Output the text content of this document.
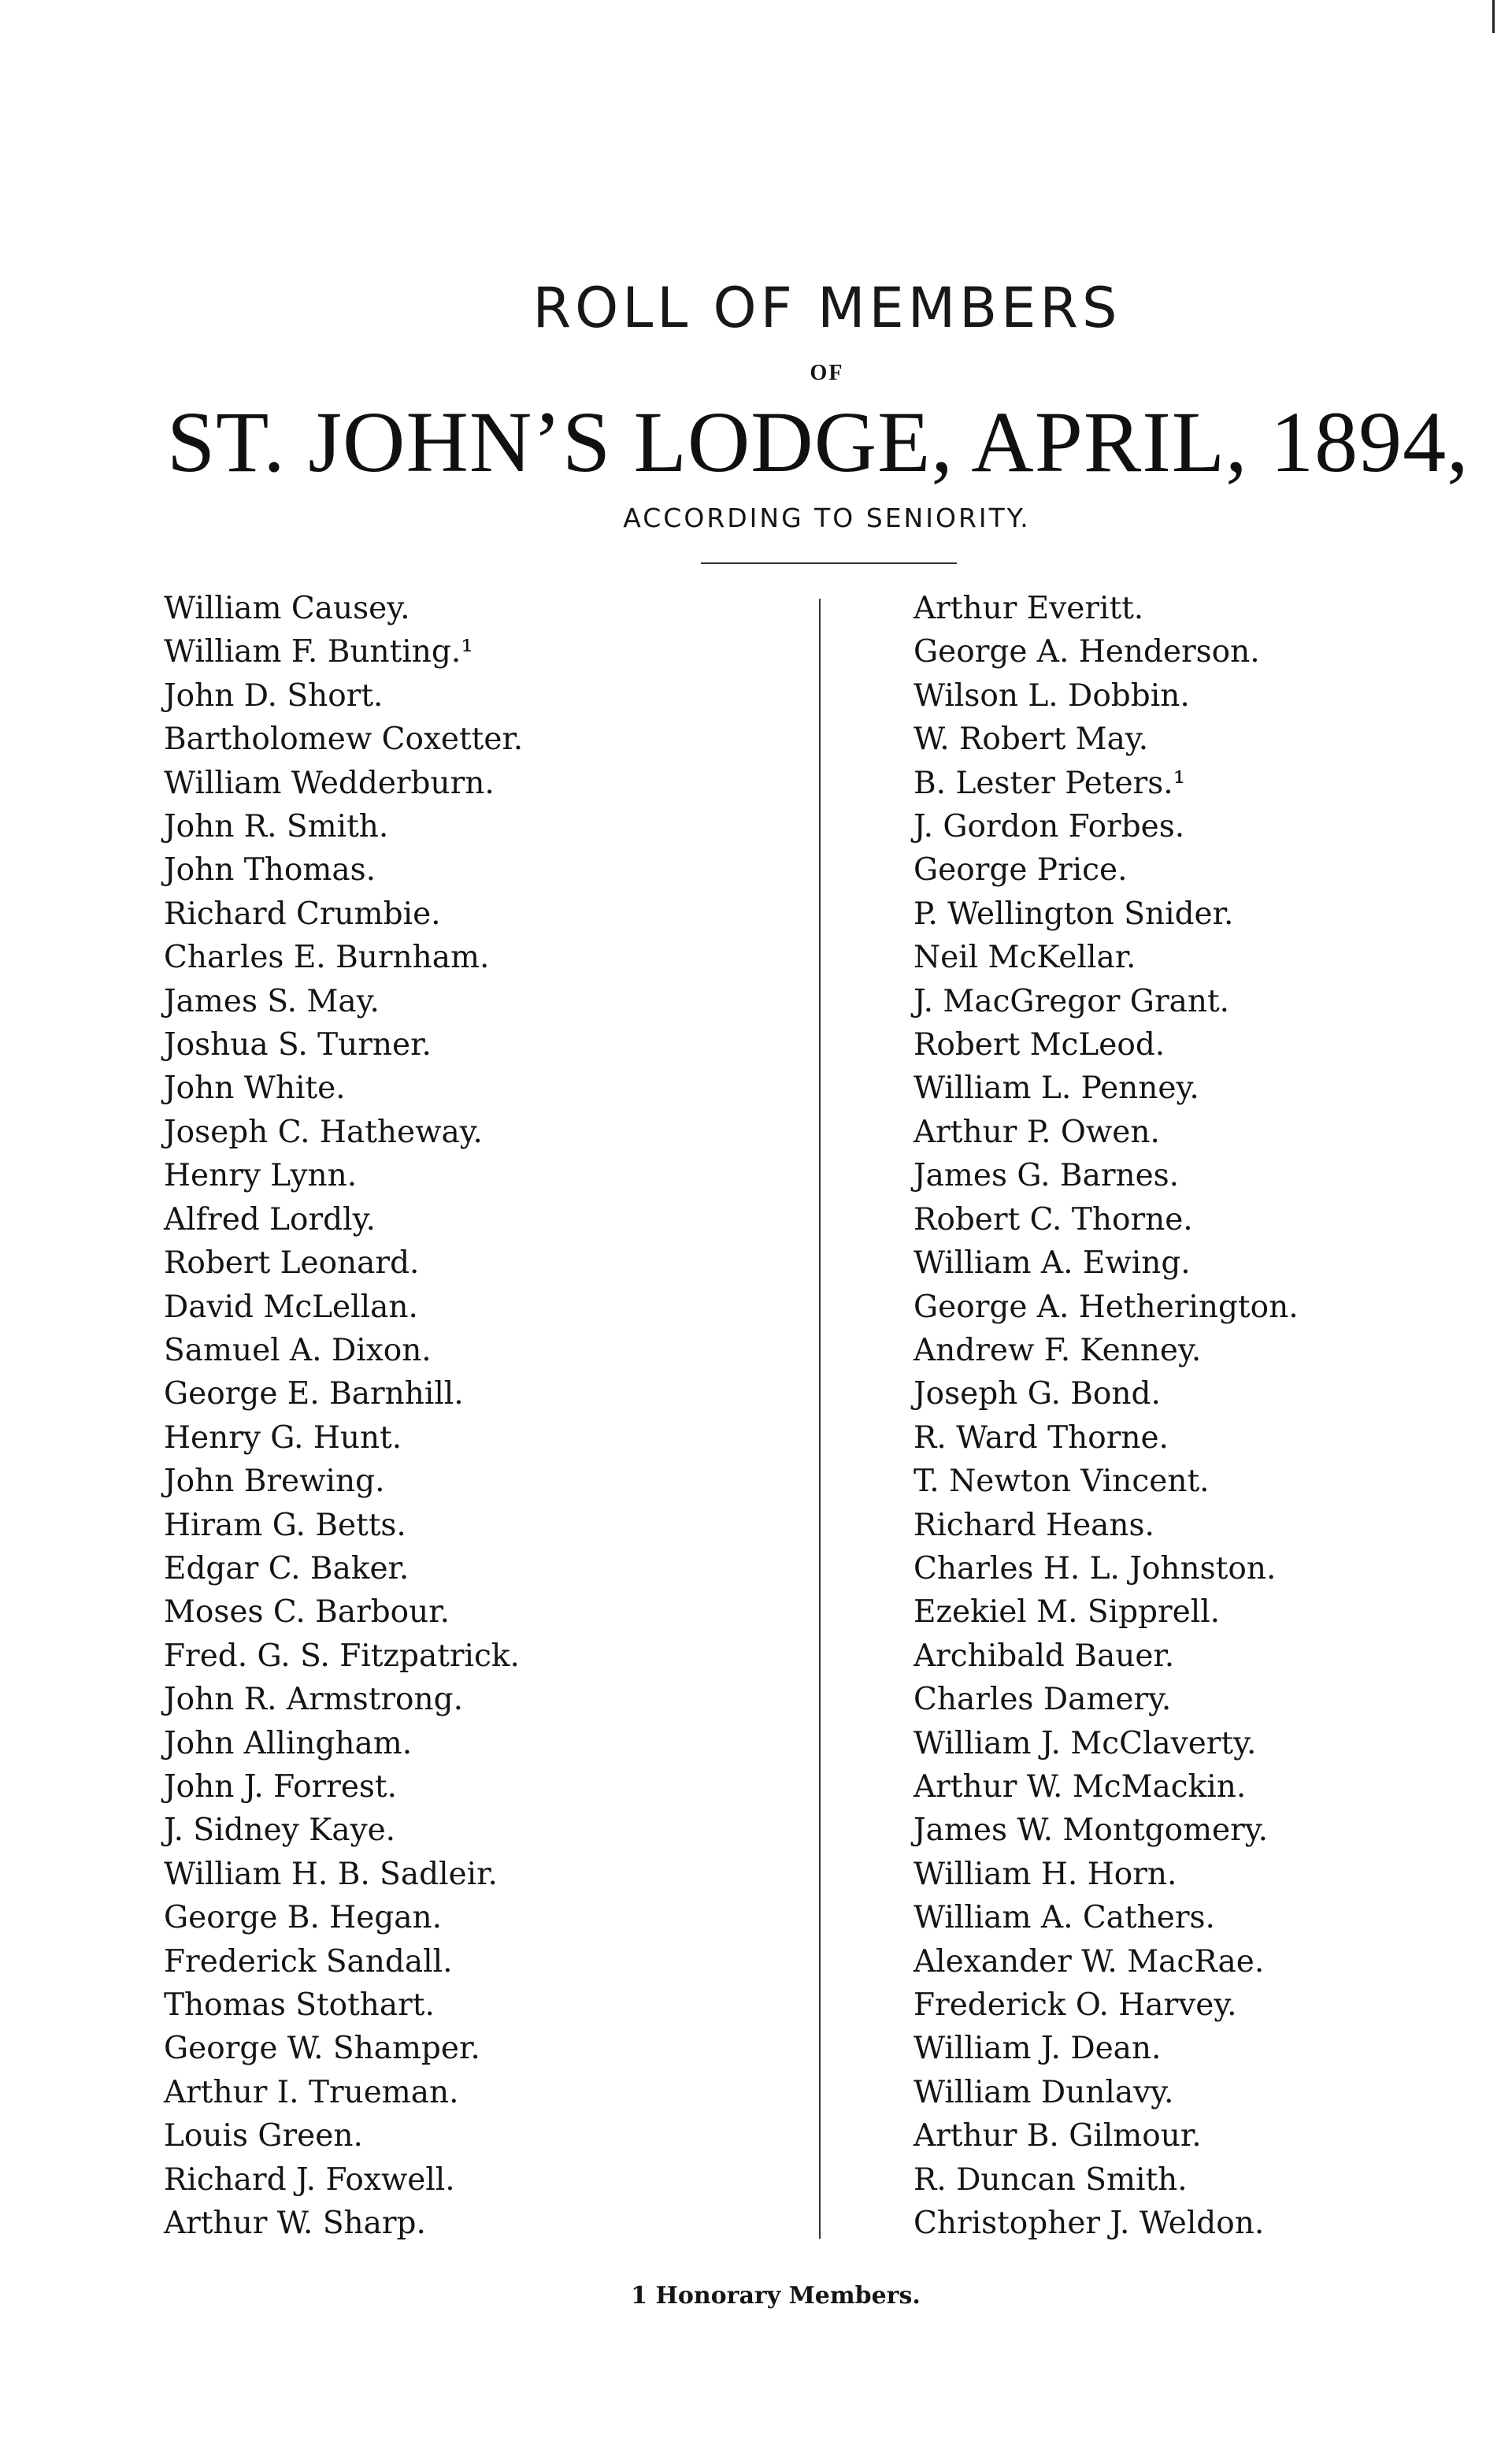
ROLL OF MEMBERS
OF
ST. JOHN’S LODGE, APRIL, 1894,
ACCORDING TO SENIORITY.
William Causey.
William F. Bunting.¹
John D. Short.
Bartholomew Coxetter.
William Wedderburn.
John R. Smith.
John Thomas.
Richard Crumbie.
Charles E. Burnham.
James S. May.
Joshua S. Turner.
John White.
Joseph C. Hatheway.
Henry Lynn.
Alfred Lordly.
Robert Leonard.
David McLellan.
Samuel A. Dixon.
George E. Barnhill.
Henry G. Hunt.
John Brewing.
Hiram G. Betts.
Edgar C. Baker.
Moses C. Barbour.
Fred. G. S. Fitzpatrick.
John R. Armstrong.
John Allingham.
John J. Forrest.
J. Sidney Kaye.
William H. B. Sadleir.
George B. Hegan.
Frederick Sandall.
Thomas Stothart.
George W. Shamper.
Arthur I. Trueman.
Louis Green.
Richard J. Foxwell.
Arthur W. Sharp.
Arthur Everitt.
George A. Henderson.
Wilson L. Dobbin.
W. Robert May.
B. Lester Peters.¹
J. Gordon Forbes.
George Price.
P. Wellington Snider.
Neil McKellar.
J. MacGregor Grant.
Robert McLeod.
William L. Penney.
Arthur P. Owen.
James G. Barnes.
Robert C. Thorne.
William A. Ewing.
George A. Hetherington.
Andrew F. Kenney.
Joseph G. Bond.
R. Ward Thorne.
T. Newton Vincent.
Richard Heans.
Charles H. L. Johnston.
Ezekiel M. Sipprell.
Archibald Bauer.
Charles Damery.
William J. McClaverty.
Arthur W. McMackin.
James W. Montgomery.
William H. Horn.
William A. Cathers.
Alexander W. MacRae.
Frederick O. Harvey.
William J. Dean.
William Dunlavy.
Arthur B. Gilmour.
R. Duncan Smith.
Christopher J. Weldon.
1 Honorary Members.
